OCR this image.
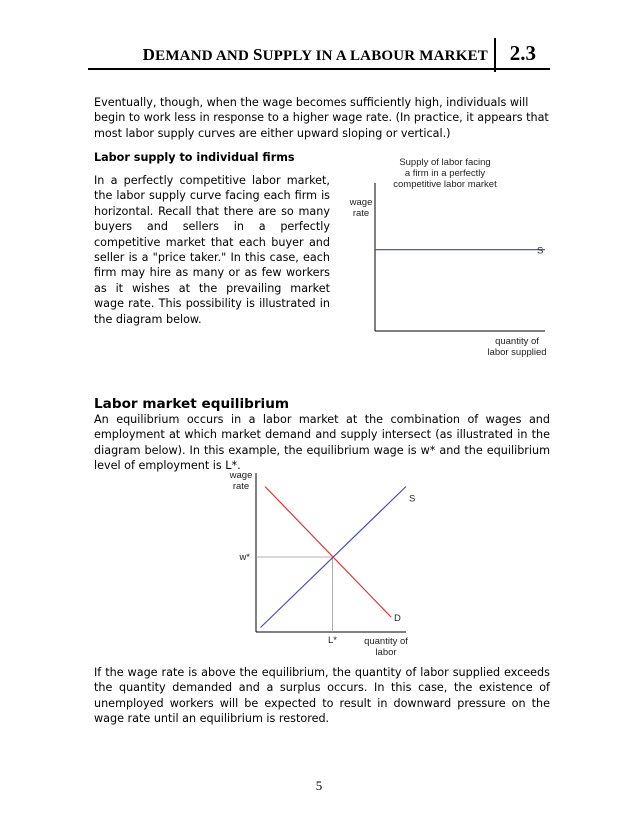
DEMAND AND SUPPLY IN A LABOUR MARKET 2.3
Eventually, though, when the wage becomes sufficiently high, individuals will begin to work less in response to a higher wage rate. (In practice, it appears that most labor supply curves are either upward sloping or vertical.)
Labor supply to individual firms
In a perfectly competitive labor market, the labor supply curve facing each firm is horizontal. Recall that there are so many buyers and sellers in a perfectly competitive market that each buyer and seller is a "price taker." In this case, each firm may hire as many or as few workers as it wishes at the prevailing market wage rate. This possibility is illustrated in the diagram below.
Supply of labor facing
a firm in a perfectly
competitive labor market
wage
rate
S
quantity of
labor supplied
Labor market equilibrium
An equilibrium occurs in a labor market at the combination of wages and employment at which market demand and supply intersect (as illustrated in the diagram below). In this example, the equilibrium wage is w* and the equilibrium level of employment is L*.
wage
rate
S
D
w*
L*	quantity of
labor
If the wage rate is above the equilibrium, the quantity of labor supplied exceeds the quantity demanded and a surplus occurs. In this case, the existence of unemployed workers will be expected to result in downward pressure on the wage rate until an equilibrium is restored.
5
